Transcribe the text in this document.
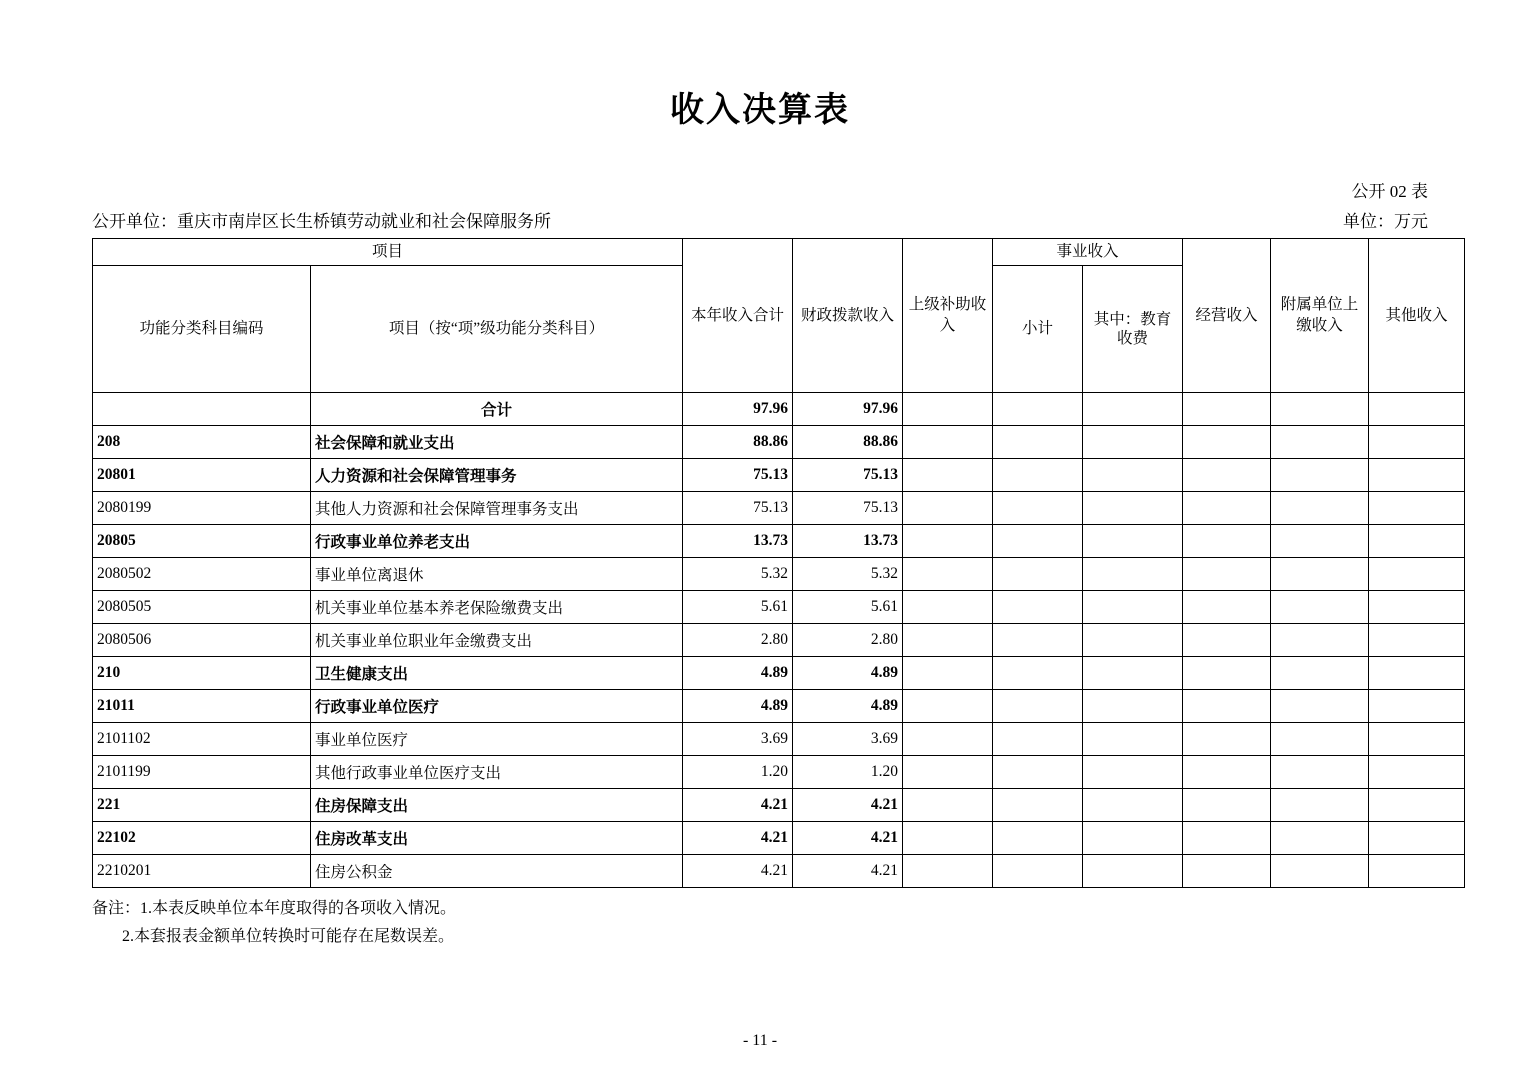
收入决算表
公开 02 表
公开单位：重庆市南岸区长生桥镇劳动就业和社会保障服务所	单位：万元
项目		本年收入合计	财政拨款收入	上级补助收入	事业收入		经营收入	附属单位上缴收入	其他收入
功能分类科目编码	项目（按“项”级功能分类科目）				小计	其中：教育收费			
	合计	97.96	97.96						
208	社会保障和就业支出	88.86	88.86						
20801	人力资源和社会保障管理事务	75.13	75.13						
2080199	其他人力资源和社会保障管理事务支出	75.13	75.13						
20805	行政事业单位养老支出	13.73	13.73						
2080502	事业单位离退休	5.32	5.32						
2080505	机关事业单位基本养老保险缴费支出	5.61	5.61						
2080506	机关事业单位职业年金缴费支出	2.80	2.80						
210	卫生健康支出	4.89	4.89						
21011	行政事业单位医疗	4.89	4.89						
2101102	事业单位医疗	3.69	3.69						
2101199	其他行政事业单位医疗支出	1.20	1.20						
221	住房保障支出	4.21	4.21						
22102	住房改革支出	4.21	4.21						
2210201	住房公积金	4.21	4.21						
备注：1.本表反映单位本年度取得的各项收入情况。
2.本套报表金额单位转换时可能存在尾数误差。
- 11 -
